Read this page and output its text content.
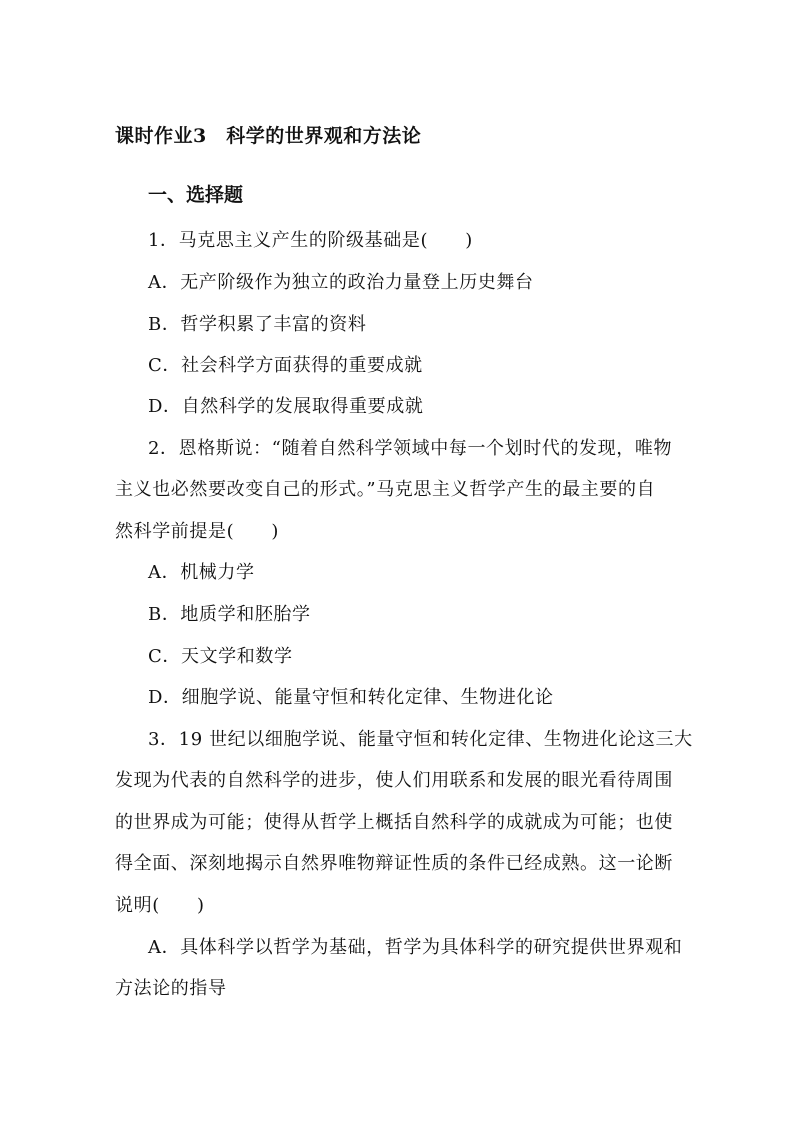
课时作业3　科学的世界观和方法论
一、选择题
1．马克思主义产生的阶级基础是(　　)
A．无产阶级作为独立的政治力量登上历史舞台
B．哲学积累了丰富的资料
C．社会科学方面获得的重要成就
D．自然科学的发展取得重要成就
2．恩格斯说：“随着自然科学领域中每一个划时代的发现，唯物
主义也必然要改变自己的形式。”马克思主义哲学产生的最主要的自
然科学前提是(　　)
A．机械力学
B．地质学和胚胎学
C．天文学和数学
D．细胞学说、能量守恒和转化定律、生物进化论
3．19 世纪以细胞学说、能量守恒和转化定律、生物进化论这三大
发现为代表的自然科学的进步，使人们用联系和发展的眼光看待周围
的世界成为可能；使得从哲学上概括自然科学的成就成为可能；也使
得全面、深刻地揭示自然界唯物辩证性质的条件已经成熟。这一论断
说明(　　)
A．具体科学以哲学为基础，哲学为具体科学的研究提供世界观和
方法论的指导
